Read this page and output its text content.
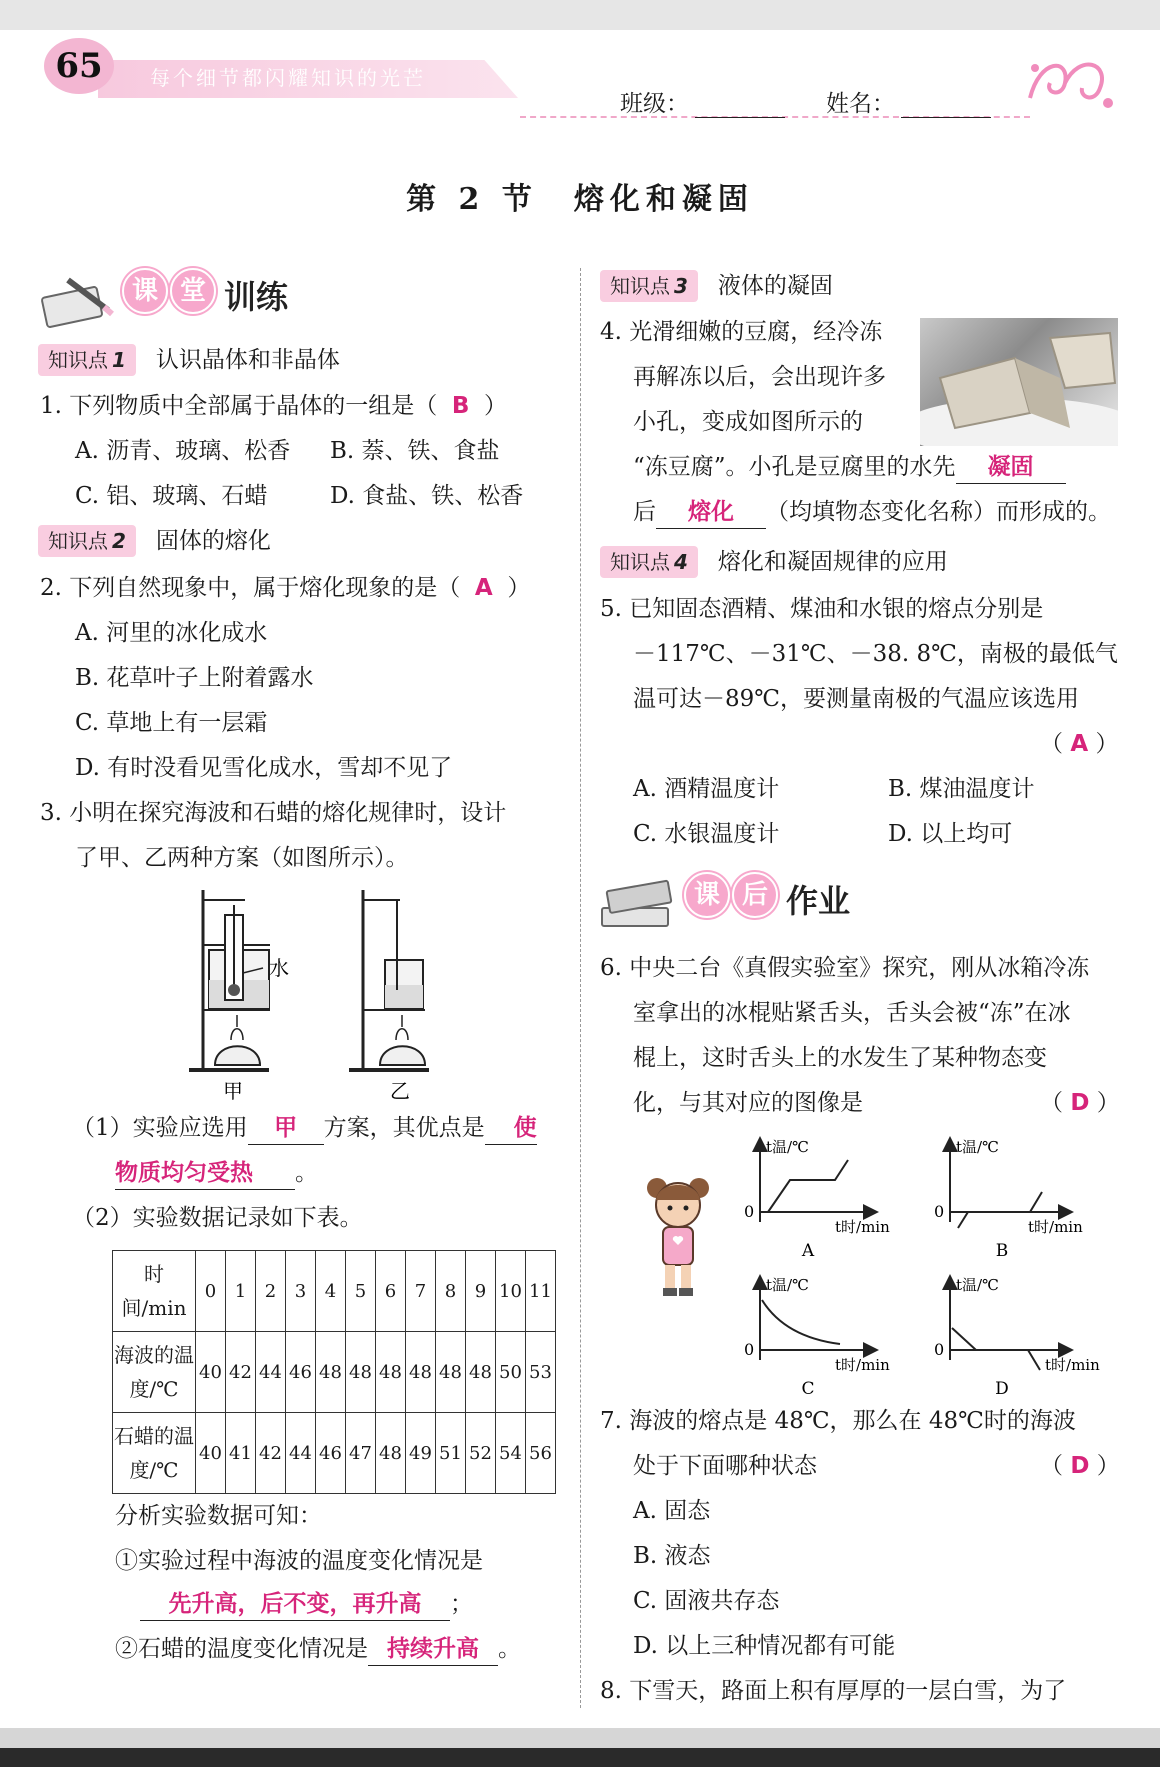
65	每个细节都闪耀知识的光芒
班级：	姓名：
第 2 节　熔化和凝固
课 堂 训练
知识点 1 认识晶体和非晶体
1. 下列物质中全部属于晶体的一组是（ B ）
A. 沥青、玻璃、松香 B. 萘、铁、食盐
C. 铝、玻璃、石蜡	D. 食盐、铁、松香
知识点 2 固体的熔化
2. 下列自然现象中，属于熔化现象的是（ A ）
A. 河里的冰化成水
B. 花草叶子上附着露水
C. 草地上有一层霜
D. 有时没看见雪化成水，雪却不见了
3. 小明在探究海波和石蜡的熔化规律时，设计
了甲、乙两种方案（如图所示）。
水
甲	乙
（1）实验应选用 甲 方案，其优点是 使
物质均匀受热 。
（2）实验数据记录如下表。
时间/min	0	1	2	3	4	5	6	7	8	9	10	11
海波的温度/℃	40	42	44	46	48	48	48	48	48	48	50	53
石蜡的温度/℃	40	41	42	44	46	47	48	49	51	52	54	56
分析实验数据可知：
①实验过程中海波的温度变化情况是
先升高，后不变，再升高 ；
②石蜡的温度变化情况是 持续升高 。
知识点 3 液体的凝固
4. 光滑细嫩的豆腐，经冷冻
再解冻以后，会出现许多
小孔，变成如图所示的
“冻豆腐”。小孔是豆腐里的水先 凝固
后 熔化 （均填物态变化名称）而形成的。
知识点 4 熔化和凝固规律的应用
5. 已知固态酒精、煤油和水银的熔点分别是
－117℃、－31℃、－38. 8℃，南极的最低气
温可达－89℃，要测量南极的气温应该选用
（ A ）
A. 酒精温度计	B. 煤油温度计
C. 水银温度计	D. 以上均可
课 后 作业
6. 中央二台《真假实验室》探究，刚从冰箱冷冻
室拿出的冰棍贴紧舌头，舌头会被“冻”在冰
棍上，这时舌头上的水发生了某种物态变
化，与其对应的图像是	（ D ）
0
t温/℃
t时/min
A
0
t温/℃
t时/min
B
0
t温/℃
t时/min
C
0
t温/℃
t时/min
D
7. 海波的熔点是 48℃，那么在 48℃时的海波
处于下面哪种状态	（ D ）
A. 固态
B. 液态
C. 固液共存态
D. 以上三种情况都有可能
8. 下雪天，路面上积有厚厚的一层白雪，为了
